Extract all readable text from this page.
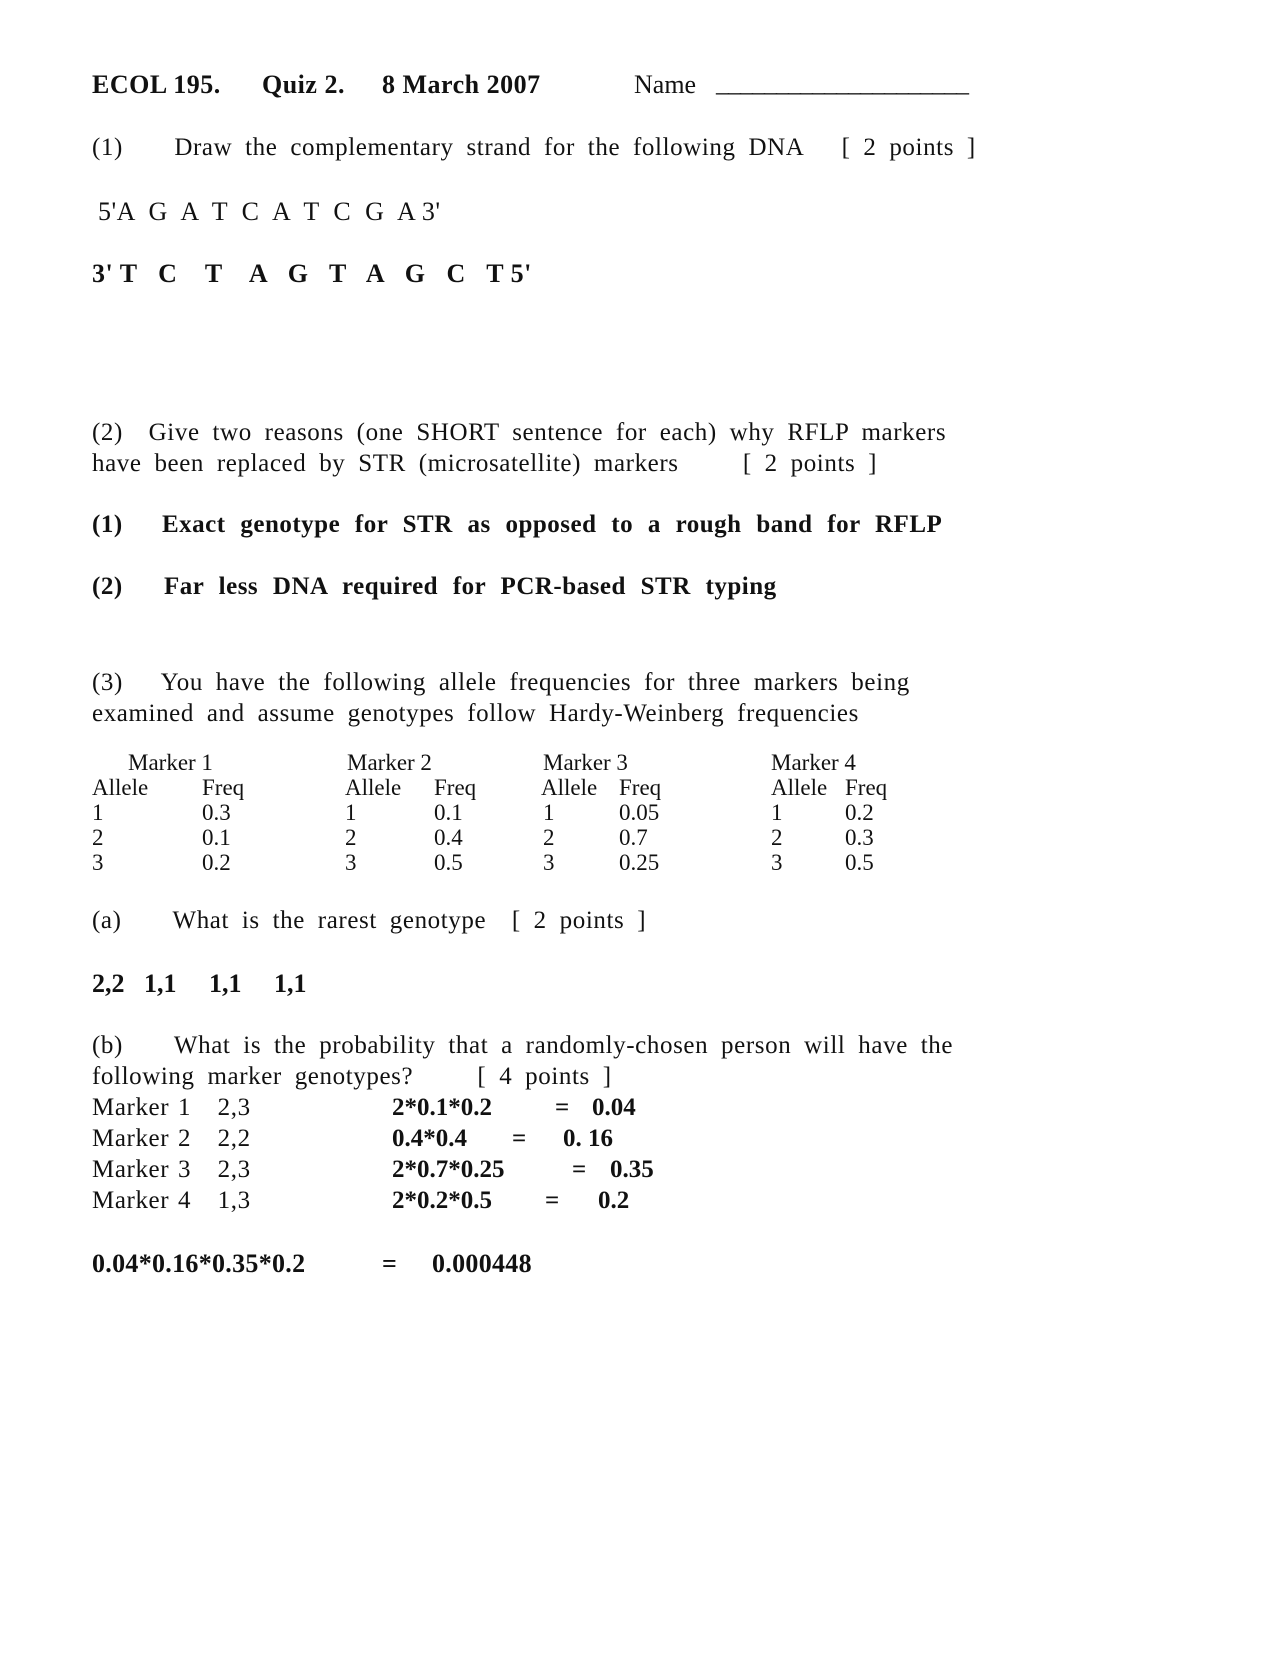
ECOL 195. Quiz 2. 8 March 2007	Name _____________________
(1)    Draw the complementary strand for the following DNA   [ 2 points ]
5'A  G  A  T  C  A  T  C  G  A 3'
3' T   C    T    A   G   T   A   G   C   T 5'
(2)  Give two reasons (one SHORT sentence for each) why RFLP markers
have been replaced by STR (microsatellite) markers     [ 2 points ]
(1) Exact genotype for STR as opposed to a rough band for RFLP
(2) Far less DNA required for PCR-based STR typing
(3)   You have the following allele frequencies for three markers being
examined and assume genotypes follow Hardy-Weinberg frequencies
Marker 1
Allele Freq
1	0.3
2	0.1
3	0.2
Marker 2
Allele Freq
1	0.1
2	0.4
3	0.5
Marker 3
Allele Freq
1	0.05
2	0.7
3	0.25
Marker 4
Allele Freq
1	0.2
2	0.3
3	0.5
(a)    What is the rarest genotype  [ 2 points ]
2,2   1,1     1,1     1,1
(b)    What is the probability that a randomly-chosen person will have the
following marker genotypes?     [ 4 points ]
Marker 1   2,3	2*0.1*0.2	= 0.04
Marker 2   2,2	0.4*0.4 = 0. 16
Marker 3   2,3	2*0.7*0.25	= 0.35
Marker 4   1,3	2*0.2*0.5 = 0.2
0.04*0.16*0.35*0.2	= 0.000448
